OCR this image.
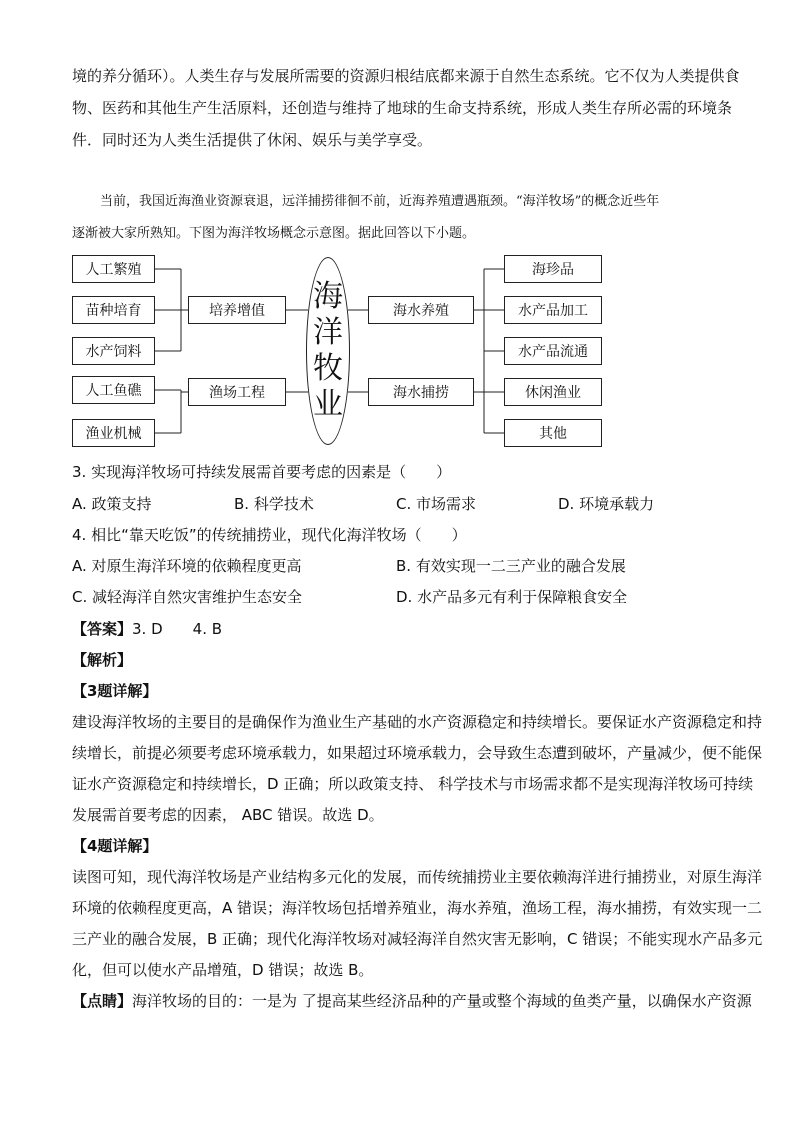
境的养分循环）。人类生存与发展所需要的资源归根结底都来源于自然生态系统。它不仅为人类提供食
物、医药和其他生产生活原料，还创造与维持了地球的生命支持系统，形成人类生存所必需的环境条
件．同时还为人类生活提供了休闲、娱乐与美学享受。
当前，我国近海渔业资源衰退，远洋捕捞徘徊不前，近海养殖遭遇瓶颈。“海洋牧场”的概念近些年
逐渐被大家所熟知。下图为海洋牧场概念示意图。据此回答以下小题。
人工繁殖
苗种培育
水产饲料
人工鱼礁
渔业机械
培养增值
渔场工程
海洋牧业
海水养殖
海水捕捞
海珍品
水产品加工
水产品流通
休闲渔业
其他
3. 实现海洋牧场可持续发展需首要考虑的因素是（　　）
A. 政策支持	B. 科学技术	C. 市场需求	D. 环境承载力
4. 相比“靠天吃饭”的传统捕捞业，现代化海洋牧场（　　）
A. 对原生海洋环境的依赖程度更高	B. 有效实现一二三产业的融合发展
C. 减轻海洋自然灾害维护生态安全	D. 水产品多元有利于保障粮食安全
【答案】3. D　　4. B
【解析】
【3题详解】
建设海洋牧场的主要目的是确保作为渔业生产基础的水产资源稳定和持续增长。要保证水产资源稳定和持
续增长，前提必须要考虑环境承载力，如果超过环境承载力，会导致生态遭到破坏，产量减少，便不能保
证水产资源稳定和持续增长，D 正确；所以政策支持、 科学技术与市场需求都不是实现海洋牧场可持续
发展需首要考虑的因素， ABC 错误。故选 D。
【4题详解】
读图可知，现代海洋牧场是产业结构多元化的发展，而传统捕捞业主要依赖海洋进行捕捞业，对原生海洋
环境的依赖程度更高，A 错误；海洋牧场包括增养殖业，海水养殖，渔场工程，海水捕捞，有效实现一二
三产业的融合发展，B 正确；现代化海洋牧场对减轻海洋自然灾害无影响，C 错误；不能实现水产品多元
化，但可以使水产品增殖，D 错误；故选 B。
【点睛】海洋牧场的目的：一是为 了提高某些经济品种的产量或整个海域的鱼类产量，以确保水产资源
